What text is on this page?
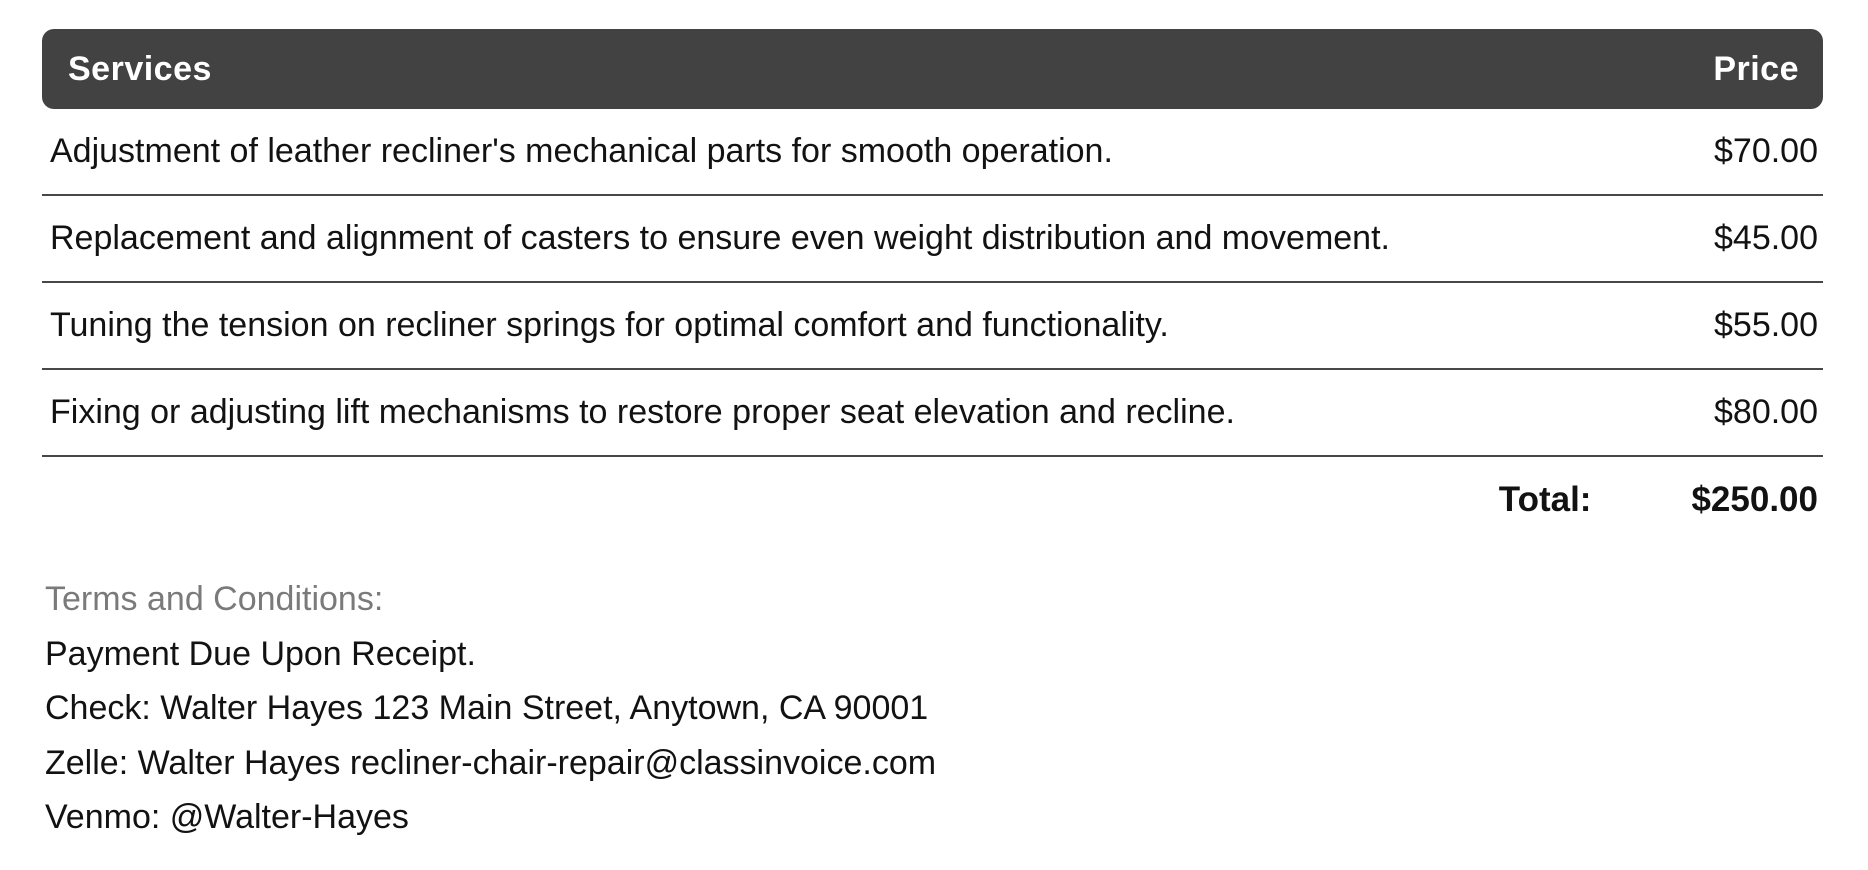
Services	Price
Adjustment of leather recliner's mechanical parts for smooth operation.	$70.00
Replacement and alignment of casters to ensure even weight distribution and movement.	$45.00
Tuning the tension on recliner springs for optimal comfort and functionality.	$55.00
Fixing or adjusting lift mechanisms to restore proper seat elevation and recline.	$80.00
Total:	$250.00
Terms and Conditions:
Payment Due Upon Receipt.
Check: Walter Hayes 123 Main Street, Anytown, CA 90001
Zelle: Walter Hayes recliner-chair-repair@classinvoice.com
Venmo: @Walter-Hayes
